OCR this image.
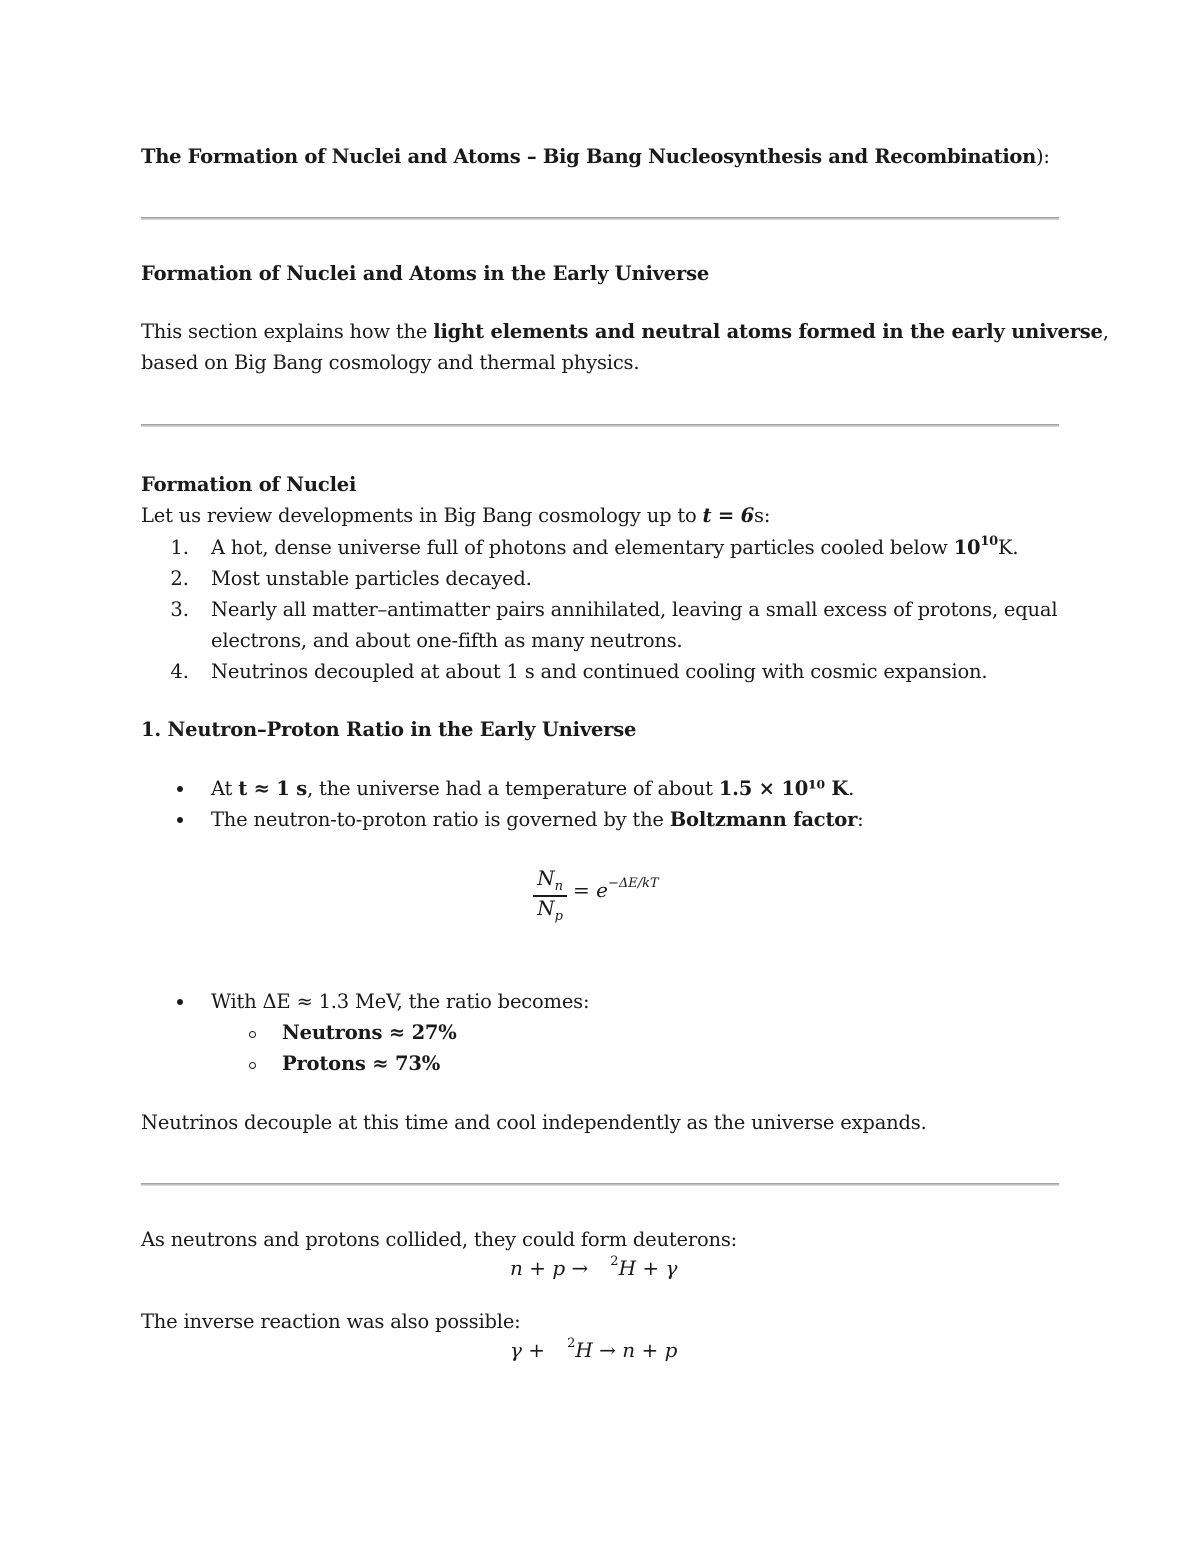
The Formation of Nuclei and Atoms – Big Bang Nucleosynthesis and Recombination):
Formation of Nuclei and Atoms in the Early Universe
This section explains how the light elements and neutral atoms formed in the early universe,
based on Big Bang cosmology and thermal physics.
Formation of Nuclei
Let us review developments in Big Bang cosmology up to t = 6s:
1. A hot, dense universe full of photons and elementary particles cooled below $10^{10}K$.
2. Most unstable particles decayed.
3. Nearly all matter–antimatter pairs annihilated, leaving a small excess of protons, equal
electrons, and about one-fifth as many neutrons.
4. Neutrinos decoupled at about 1 s and continued cooling with cosmic expansion.
1. Neutron–Proton Ratio in the Early Universe
At t ≈ 1 s, the universe had a temperature of about 1.5 × 10¹⁰ K.
The neutron-to-proton ratio is governed by the Boltzmann factor:
$N_n$
$N_p$
= $e^{-\Delta E/kT}$
With ΔE ≈ 1.3 MeV, the ratio becomes:
Neutrons ≈ 27%
Protons ≈ 73%
Neutrinos decouple at this time and cool independently as the universe expands.
As neutrons and protons collided, they could form deuterons:
n + p → $^2$H + γ
The inverse reaction was also possible:
γ + $^2$H → n + p
